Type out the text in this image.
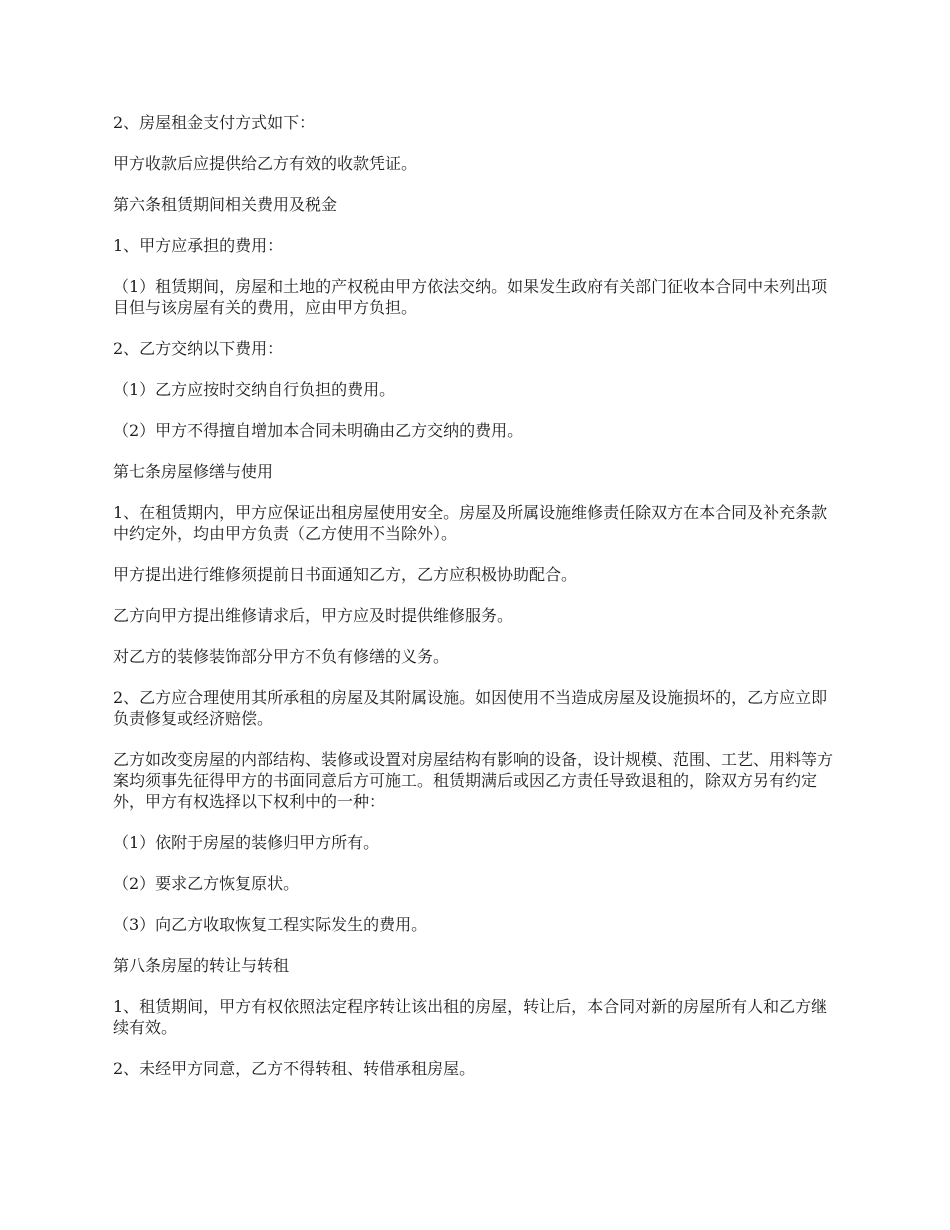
2、房屋租金支付方式如下：

甲方收款后应提供给乙方有效的收款凭证。

第六条租赁期间相关费用及税金

1、甲方应承担的费用：

（1）租赁期间，房屋和土地的产权税由甲方依法交纳。如果发生政府有关部门征收本合同中未列出项目但与该房屋有关的费用，应由甲方负担。

2、乙方交纳以下费用：

（1）乙方应按时交纳自行负担的费用。

（2）甲方不得擅自增加本合同未明确由乙方交纳的费用。

第七条房屋修缮与使用

1、在租赁期内，甲方应保证出租房屋使用安全。房屋及所属设施维修责任除双方在本合同及补充条款中约定外，均由甲方负责（乙方使用不当除外）。

甲方提出进行维修须提前日书面通知乙方，乙方应积极协助配合。

乙方向甲方提出维修请求后，甲方应及时提供维修服务。

对乙方的装修装饰部分甲方不负有修缮的义务。

2、乙方应合理使用其所承租的房屋及其附属设施。如因使用不当造成房屋及设施损坏的，乙方应立即负责修复或经济赔偿。

乙方如改变房屋的内部结构、装修或设置对房屋结构有影响的设备，设计规模、范围、工艺、用料等方案均须事先征得甲方的书面同意后方可施工。租赁期满后或因乙方责任导致退租的，除双方另有约定外，甲方有权选择以下权利中的一种：

（1）依附于房屋的装修归甲方所有。

（2）要求乙方恢复原状。

（3）向乙方收取恢复工程实际发生的费用。

第八条房屋的转让与转租

1、租赁期间，甲方有权依照法定程序转让该出租的房屋，转让后，本合同对新的房屋所有人和乙方继续有效。

2、未经甲方同意，乙方不得转租、转借承租房屋。
